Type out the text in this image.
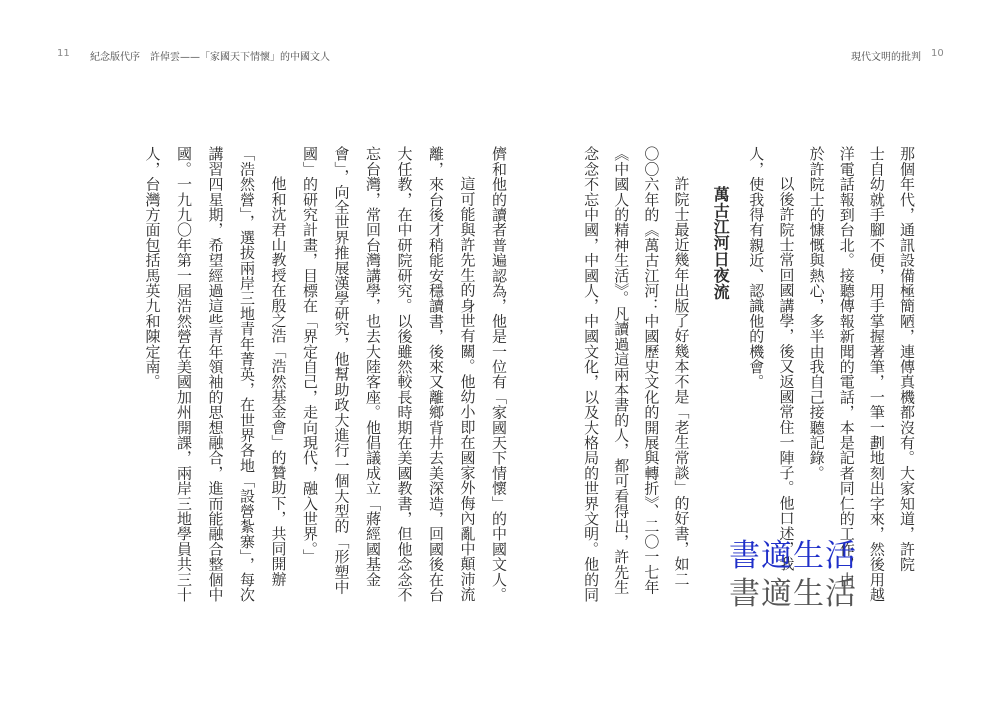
11 紀念版代序　許倬雲——「家國天下情懷」的中國文人	現代文明的批判 10
那個年代，通訊設備極簡陋，連傳真機都沒有。大家知道，許院
士自幼就手腳不便，用手掌握著筆，一筆一劃地刻出字來，然後用越
洋電話報到台北。接聽傳報新聞的電話，本是記者同仁的工作，由
於許院士的慷慨與熱心，多半由我自己接聽記錄。
以後許院士常回國講學，後又返國常住一陣子。他口述，我
人，使我得有親近、認識他的機會。
萬古江河日夜流
許院士最近幾年出版了好幾本不是「老生常談」的好書，如二
〇〇六年的《萬古江河：中國歷史文化的開展與轉折》、二〇一七年
《中國人的精神生活》。凡讀過這兩本書的人，都可看得出，許先生
念念不忘中國，中國人，中國文化，以及大格局的世界文明。他的同
儕和他的讀者普遍認為，他是一位有「家國天下情懷」的中國文人。
這可能與許先生的身世有關。他幼小即在國家外侮內亂中顛沛流
離，來台後才稍能安穩讀書，後來又離鄉背井去美深造，回國後在台
大任教，在中研院研究。以後雖然較長時期在美國教書，但他念念不
忘台灣，常回台灣講學，也去大陸客座。他倡議成立「蔣經國基金
會」，向全世界推展漢學研究，他幫助政大進行一個大型的「形塑中
國」的研究計畫，目標在「界定自己，走向現代，融入世界。」
他和沈君山教授在殷之浩「浩然基金會」的贊助下，共同開辦
「浩然營」，選拔兩岸三地青年菁英，在世界各地「設營紮寨」，每次
講習四星期，希望經過這些青年領袖的思想融合，進而能融合整個中
國。一九九〇年第一屆浩然營在美國加州開課，兩岸三地學員共三十
人，台灣方面包括馬英九和陳定南。
書適生活
書適生活
